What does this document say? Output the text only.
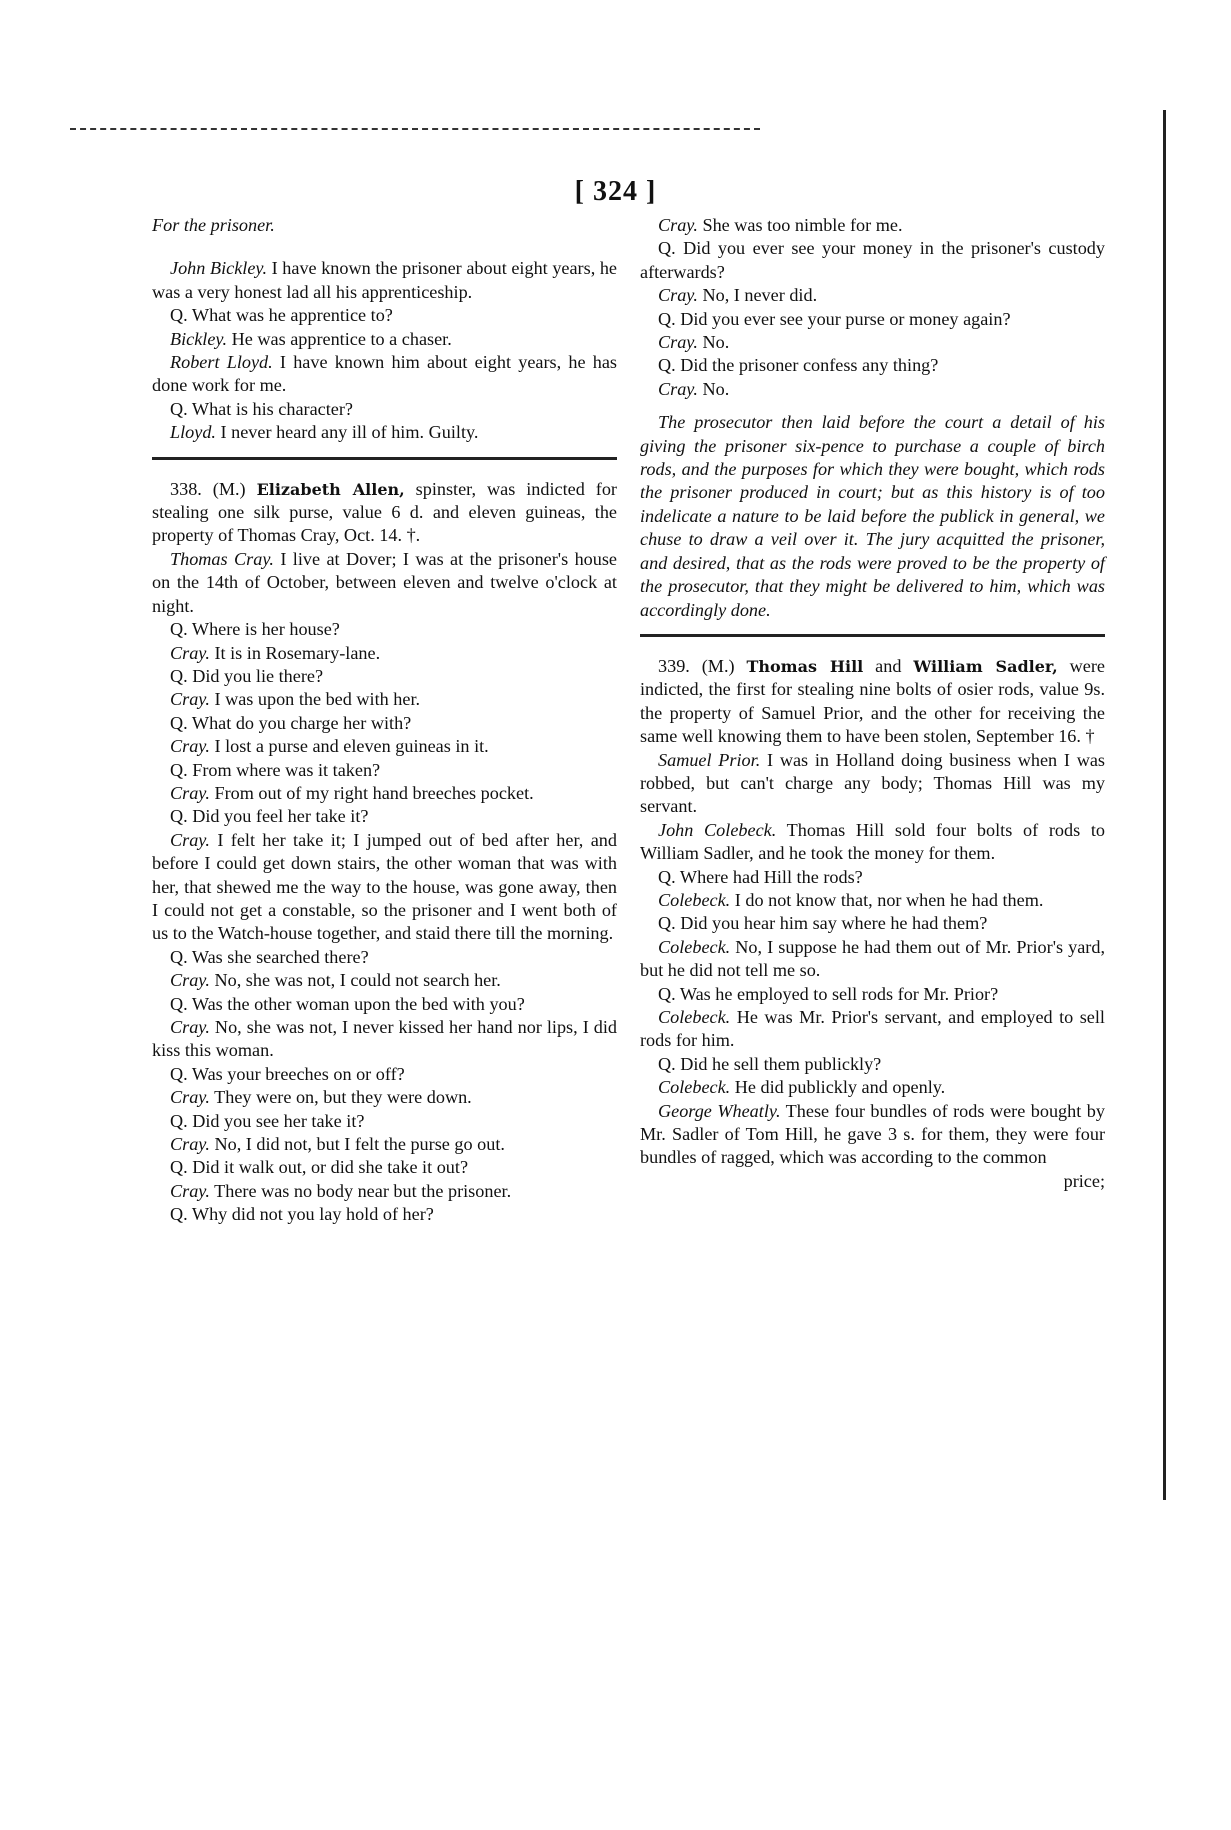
[ 324 ]

For the prisoner.

John Bickley. I have known the prisoner about eight years, he was a very honest lad all his apprenticeship.

Q. What was he apprentice to?

Bickley. He was apprentice to a chaser.

Robert Lloyd. I have known him about eight years, he has done work for me.

Q. What is his character?

Lloyd. I never heard any ill of him. Guilty.

338. (M.) Elizabeth Allen, spinster, was indicted for stealing one silk purse, value 6 d. and eleven guineas, the property of Thomas Cray, Oct. 14. †.

Thomas Cray. I live at Dover; I was at the prisoner's house on the 14th of October, between eleven and twelve o'clock at night.

Q. Where is her house?

Cray. It is in Rosemary-lane.

Q. Did you lie there?

Cray. I was upon the bed with her.

Q. What do you charge her with?

Cray. I lost a purse and eleven guineas in it.

Q. From where was it taken?

Cray. From out of my right hand breeches pocket.

Q. Did you feel her take it?

Cray. I felt her take it; I jumped out of bed after her, and before I could get down stairs, the other woman that was with her, that shewed me the way to the house, was gone away, then I could not get a constable, so the prisoner and I went both of us to the Watch-house together, and staid there till the morning.

Q. Was she searched there?

Cray. No, she was not, I could not search her.

Q. Was the other woman upon the bed with you?

Cray. No, she was not, I never kissed her hand nor lips, I did kiss this woman.

Q. Was your breeches on or off?

Cray. They were on, but they were down.

Q. Did you see her take it?

Cray. No, I did not, but I felt the purse go out.

Q. Did it walk out, or did she take it out?

Cray. There was no body near but the prisoner.

Q. Why did not you lay hold of her?

Cray. She was too nimble for me.

Q. Did you ever see your money in the prisoner's custody afterwards?

Cray. No, I never did.

Q. Did you ever see your purse or money again?

Cray. No.

Q. Did the prisoner confess any thing?

Cray. No.

The prosecutor then laid before the court a detail of his giving the prisoner six-pence to purchase a couple of birch rods, and the purposes for which they were bought, which rods the prisoner produced in court; but as this history is of too indelicate a nature to be laid before the publick in general, we chuse to draw a veil over it. The jury acquitted the prisoner, and desired, that as the rods were proved to be the property of the prosecutor, that they might be delivered to him, which was accordingly done.

339. (M.) Thomas Hill and William Sadler, were indicted, the first for stealing nine bolts of osier rods, value 9s. the property of Samuel Prior, and the other for receiving the same well knowing them to have been stolen, September 16. †

Samuel Prior. I was in Holland doing business when I was robbed, but can't charge any body; Thomas Hill was my servant.

John Colebeck. Thomas Hill sold four bolts of rods to William Sadler, and he took the money for them.

Q. Where had Hill the rods?

Colebeck. I do not know that, nor when he had them.

Q. Did you hear him say where he had them?

Colebeck. No, I suppose he had them out of Mr. Prior's yard, but he did not tell me so.

Q. Was he employed to sell rods for Mr. Prior?

Colebeck. He was Mr. Prior's servant, and employed to sell rods for him.

Q. Did he sell them publickly?

Colebeck. He did publickly and openly.

George Wheatly. These four bundles of rods were bought by Mr. Sadler of Tom Hill, he gave 3 s. for them, they were four bundles of ragged, which was according to the common

price;
